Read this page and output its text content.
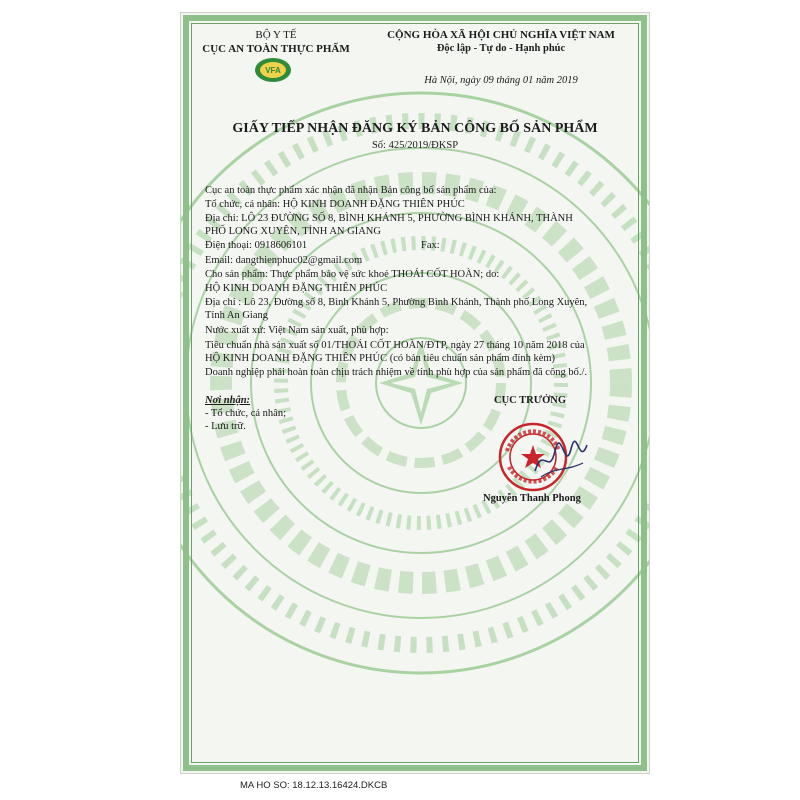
BỘ Y TẾ
CỤC AN TOÀN THỰC PHẨM
VFA
CỘNG HÒA XÃ HỘI CHỦ NGHĨA VIỆT NAM
Độc lập - Tự do - Hạnh phúc
Hà Nội, ngày 09 tháng 01 năm 2019
GIẤY TIẾP NHẬN ĐĂNG KÝ BẢN CÔNG BỐ SẢN PHẨM
Số: 425/2019/ĐKSP
Cục an toàn thực phẩm xác nhận đã nhận Bản công bố sản phẩm của:
Tổ chức, cá nhân: HỘ KINH DOANH ĐẶNG THIÊN PHÚC
Địa chỉ: LÔ 23 ĐƯỜNG SỐ 8, BÌNH KHÁNH 5, PHƯỜNG BÌNH KHÁNH, THÀNH
PHỐ LONG XUYÊN, TỈNH AN GIANG
Điện thoại: 0918606101	Fax:
Email: dangthienphuc02@gmail.com
Cho sản phẩm: Thực phẩm bảo vệ sức khoẻ THOÁI CỐT HOÀN; do:
HỘ KINH DOANH ĐẶNG THIÊN PHÚC
Địa chỉ : Lô 23, Đường số 8, Bình Khánh 5, Phường Bình Khánh, Thành phố Long Xuyên,
Tỉnh An Giang
Nước xuất xứ: Việt Nam sản xuất, phù hợp:
Tiêu chuẩn nhà sản xuất số 01/THOÁI CỐT HOÀN/ĐTP, ngày 27 tháng 10 năm 2018 của
HỘ KINH DOANH ĐẶNG THIÊN PHÚC (có bản tiêu chuẩn sản phẩm đính kèm)
Doanh nghiệp phải hoàn toàn chịu trách nhiệm về tính phù hợp của sản phẩm đã công bố./.
Nơi nhận:
- Tổ chức, cá nhân;
- Lưu trữ.
CỤC TRƯỞNG
Nguyễn Thanh Phong
MA HO SO: 18.12.13.16424.DKCB
